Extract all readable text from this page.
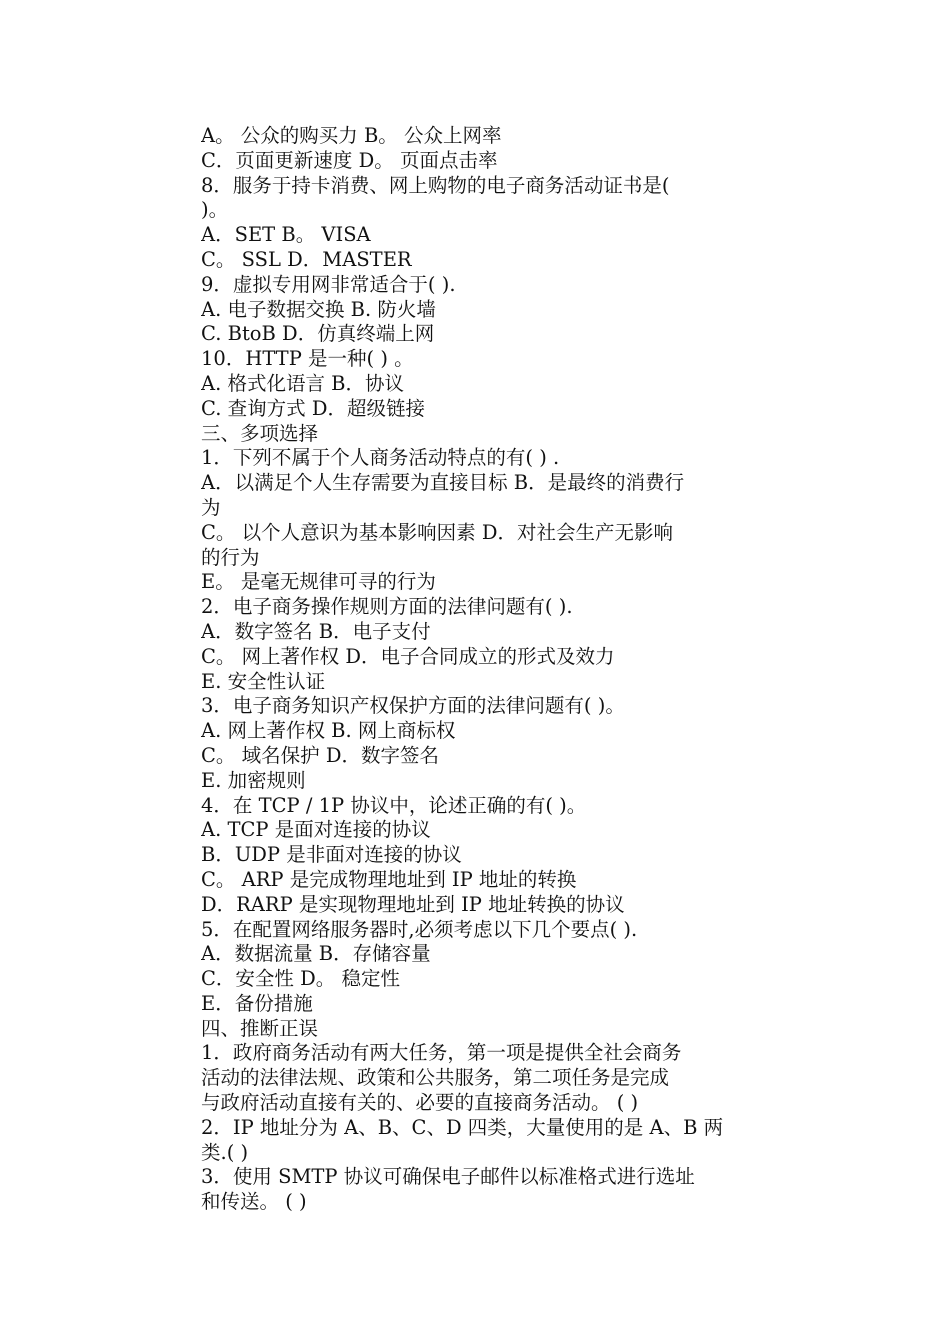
A。 公众的购买力 B。 公众上网率
C．页面更新速度 D。 页面点击率
8．服务于持卡消费、网上购物的电子商务活动证书是(
)。
A．SET B。 VISA
C。 SSL D．MASTER
9．虚拟专用网非常适合于( ).
A. 电子数据交换 B. 防火墙
C. BtoB D．仿真终端上网
10．HTTP 是一种( ) 。
A. 格式化语言 B．协议
C. 查询方式 D．超级链接
三、多项选择
1．下列不属于个人商务活动特点的有( ) .
A．以满足个人生存需要为直接目标 B．是最终的消费行
为
C。 以个人意识为基本影响因素 D．对社会生产无影响
的行为
E。 是毫无规律可寻的行为
2．电子商务操作规则方面的法律问题有( ).
A．数字签名 B．电子支付
C。 网上著作权 D．电子合同成立的形式及效力
E. 安全性认证
3．电子商务知识产权保护方面的法律问题有( )。
A. 网上著作权 B. 网上商标权
C。 域名保护 D．数字签名
E. 加密规则
4．在 TCP / 1P 协议中，论述正确的有( )。
A. TCP 是面对连接的协议
B．UDP 是非面对连接的协议
C。 ARP 是完成物理地址到 IP 地址的转换
D．RARP 是实现物理地址到 IP 地址转换的协议
5．在配置网络服务器时,必须考虑以下几个要点( ).
A．数据流量 B．存储容量
C．安全性 D。 稳定性
E．备份措施
四、推断正误
1．政府商务活动有两大任务，第一项是提供全社会商务
活动的法律法规、政策和公共服务，第二项任务是完成
与政府活动直接有关的、必要的直接商务活动。 ( )
2．IP 地址分为 A、B、C、D 四类，大量使用的是 A、B 两
类.( )
3．使用 SMTP 协议可确保电子邮件以标准格式进行选址
和传送。 ( )
